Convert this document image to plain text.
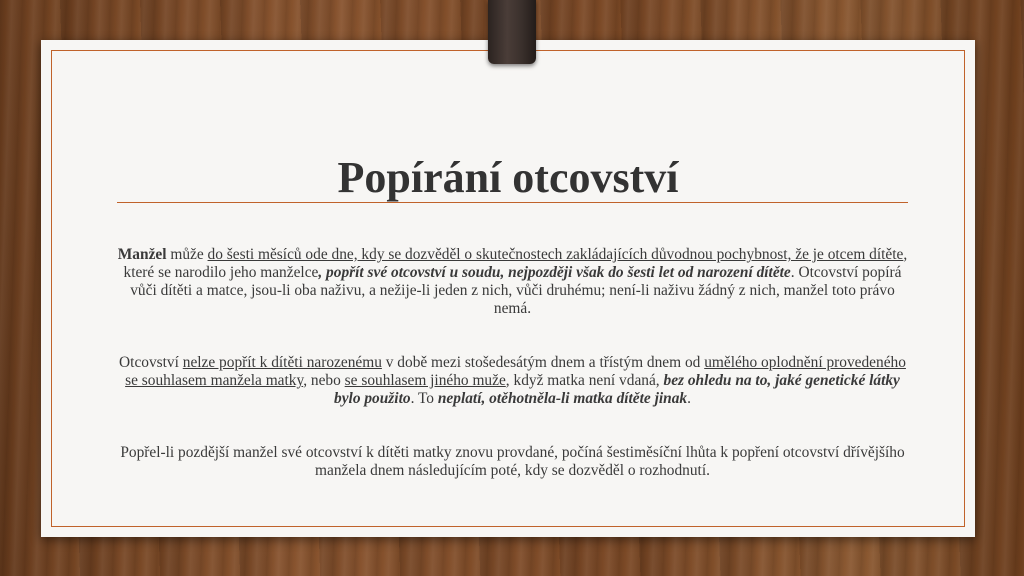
Popírání otcovství

Manžel může do šesti měsíců ode dne, kdy se dozvěděl o skutečnostech zakládajících důvodnou pochybnost, že je otcem dítěte, které se narodilo jeho manželce, popřít své otcovství u soudu, nejpozději však do šesti let od narození dítěte. Otcovství popírá vůči dítěti a matce, jsou-li oba naživu, a nežije-li jeden z nich, vůči druhému; není-li naživu žádný z nich, manžel toto právo nemá.

Otcovství nelze popřít k dítěti narozenému v době mezi stošedesátým dnem a třístým dnem od umělého oplodnění provedeného se souhlasem manžela matky, nebo se souhlasem jiného muže, když matka není vdaná, bez ohledu na to, jaké genetické látky bylo použito. To neplatí, otěhotněla-li matka dítěte jinak.

Popřel-li pozdější manžel své otcovství k dítěti matky znovu provdané, počíná šestiměsíční lhůta k popření otcovství dřívějšího manžela dnem následujícím poté, kdy se dozvěděl o rozhodnutí.
